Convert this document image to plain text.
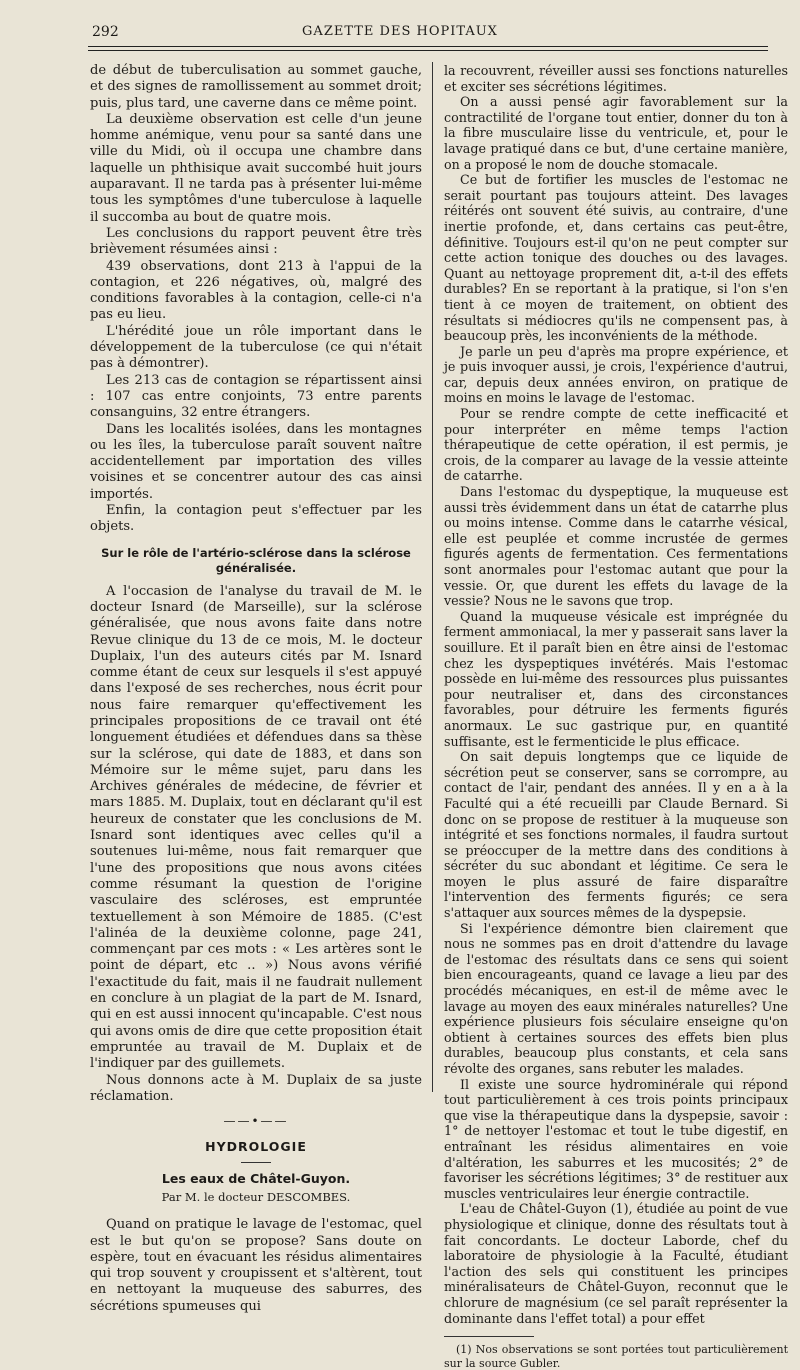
292	GAZETTE DES HOPITAUX

de début de tuberculisation au sommet gauche, et des signes de ramollissement au sommet droit; puis, plus tard, une caverne dans ce même point.

La deuxième observation est celle d'un jeune homme anémique, venu pour sa santé dans une ville du Midi, où il occupa une chambre dans laquelle un phthisique avait succombé huit jours auparavant. Il ne tarda pas à présenter lui-même tous les symptômes d'une tuberculose à laquelle il succomba au bout de quatre mois.

Les conclusions du rapport peuvent être très brièvement résumées ainsi :

439 observations, dont 213 à l'appui de la contagion, et 226 négatives, où, malgré des conditions favorables à la contagion, celle-ci n'a pas eu lieu.

L'hérédité joue un rôle important dans le développement de la tuberculose (ce qui n'était pas à démontrer).

Les 213 cas de contagion se répartissent ainsi : 107 cas entre conjoints, 73 entre parents consanguins, 32 entre étrangers.

Dans les localités isolées, dans les montagnes ou les îles, la tuberculose paraît souvent naître accidentellement par importation des villes voisines et se concentrer autour des cas ainsi importés.

Enfin, la contagion peut s'effectuer par les objets.

Sur le rôle de l'artério-sclérose dans la sclérose généralisée.

A l'occasion de l'analyse du travail de M. le docteur Isnard (de Marseille), sur la sclérose généralisée, que nous avons faite dans notre Revue clinique du 13 de ce mois, M. le docteur Duplaix, l'un des auteurs cités par M. Isnard comme étant de ceux sur lesquels il s'est appuyé dans l'exposé de ses recherches, nous écrit pour nous faire remarquer qu'effectivement les principales propositions de ce travail ont été longuement étudiées et défendues dans sa thèse sur la sclérose, qui date de 1883, et dans son Mémoire sur le même sujet, paru dans les Archives générales de médecine, de février et mars 1885. M. Duplaix, tout en déclarant qu'il est heureux de constater que les conclusions de M. Isnard sont identiques avec celles qu'il a soutenues lui-même, nous fait remarquer que l'une des propositions que nous avons citées comme résumant la question de l'origine vasculaire des scléroses, est empruntée textuellement à son Mémoire de 1885. (C'est l'alinéa de la deuxième colonne, page 241, commençant par ces mots : « Les artères sont le point de départ, etc .. ») Nous avons vérifié l'exactitude du fait, mais il ne faudrait nullement en conclure à un plagiat de la part de M. Isnard, qui en est aussi innocent qu'incapable. C'est nous qui avons omis de dire que cette proposition était empruntée au travail de M. Duplaix et de l'indiquer par des guillemets.

Nous donnons acte à M. Duplaix de sa juste réclamation.

——•——
HYDROLOGIE
Les eaux de Châtel-Guyon.
Par M. le docteur DESCOMBES.

Quand on pratique le lavage de l'estomac, quel est le but qu'on se propose? Sans doute on espère, tout en évacuant les résidus alimentaires qui trop souvent y croupissent et s'altèrent, tout en nettoyant la muqueuse des saburres, des sécrétions spumeuses qui

la recouvrent, réveiller aussi ses fonctions naturelles et exciter ses sécrétions légitimes.

On a aussi pensé agir favorablement sur la contractilité de l'organe tout entier, donner du ton à la fibre musculaire lisse du ventricule, et, pour le lavage pratiqué dans ce but, d'une certaine manière, on a proposé le nom de douche stomacale.

Ce but de fortifier les muscles de l'estomac ne serait pourtant pas toujours atteint. Des lavages réitérés ont souvent été suivis, au contraire, d'une inertie profonde, et, dans certains cas peut-être, définitive. Toujours est-il qu'on ne peut compter sur cette action tonique des douches ou des lavages. Quant au nettoyage proprement dit, a-t-il des effets durables? En se reportant à la pratique, si l'on s'en tient à ce moyen de traitement, on obtient des résultats si médiocres qu'ils ne compensent pas, à beaucoup près, les inconvénients de la méthode.

Je parle un peu d'après ma propre expérience, et je puis invoquer aussi, je crois, l'expérience d'autrui, car, depuis deux années environ, on pratique de moins en moins le lavage de l'estomac.

Pour se rendre compte de cette inefficacité et pour interpréter en même temps l'action thérapeutique de cette opération, il est permis, je crois, de la comparer au lavage de la vessie atteinte de catarrhe.

Dans l'estomac du dyspeptique, la muqueuse est aussi très évidemment dans un état de catarrhe plus ou moins intense. Comme dans le catarrhe vésical, elle est peuplée et comme incrustée de germes figurés agents de fermentation. Ces fermentations sont anormales pour l'estomac autant que pour la vessie. Or, que durent les effets du lavage de la vessie? Nous ne le savons que trop.

Quand la muqueuse vésicale est imprégnée du ferment ammoniacal, la mer y passerait sans laver la souillure. Et il paraît bien en être ainsi de l'estomac chez les dyspeptiques invétérés. Mais l'estomac possède en lui-même des ressources plus puissantes pour neutraliser et, dans des circonstances favorables, pour détruire les ferments figurés anormaux. Le suc gastrique pur, en quantité suffisante, est le fermenticide le plus efficace.

On sait depuis longtemps que ce liquide de sécrétion peut se conserver, sans se corrompre, au contact de l'air, pendant des années. Il y en a à la Faculté qui a été recueilli par Claude Bernard. Si donc on se propose de restituer à la muqueuse son intégrité et ses fonctions normales, il faudra surtout se préoccuper de la mettre dans des conditions à sécréter du suc abondant et légitime. Ce sera le moyen le plus assuré de faire disparaître l'intervention des ferments figurés; ce sera s'attaquer aux sources mêmes de la dyspepsie.

Si l'expérience démontre bien clairement que nous ne sommes pas en droit d'attendre du lavage de l'estomac des résultats dans ce sens qui soient bien encourageants, quand ce lavage a lieu par des procédés mécaniques, en est-il de même avec le lavage au moyen des eaux minérales naturelles? Une expérience plusieurs fois séculaire enseigne qu'on obtient à certaines sources des effets bien plus durables, beaucoup plus constants, et cela sans révolte des organes, sans rebuter les malades.

Il existe une source hydrominérale qui répond tout particulièrement à ces trois points principaux que vise la thérapeutique dans la dyspepsie, savoir : 1° de nettoyer l'estomac et tout le tube digestif, en entraînant les résidus alimentaires en voie d'altération, les saburres et les mucosités; 2° de favoriser les sécrétions légitimes; 3° de restituer aux muscles ventriculaires leur énergie contractile.

L'eau de Châtel-Guyon (1), étudiée au point de vue physiologique et clinique, donne des résultats tout à fait concordants. Le docteur Laborde, chef du laboratoire de physiologie à la Faculté, étudiant l'action des sels qui constituent les principes minéralisateurs de Châtel-Guyon, reconnut que le chlorure de magnésium (ce sel paraît représenter la dominante dans l'effet total) a pour effet

(1) Nos observations se sont portées tout particulièrement sur la source Gubler.
